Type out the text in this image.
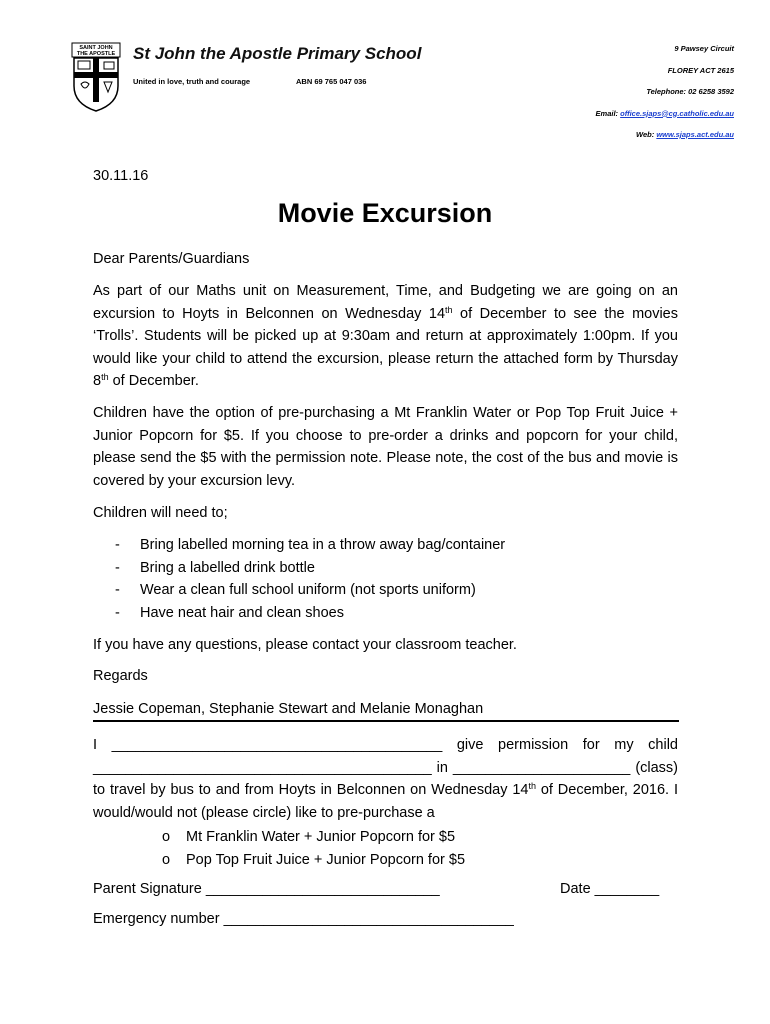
SAINT JOHN
THE APOSTLE St John the Apostle Primary School
United in love, truth and courage	ABN 69 765 047 036
9 Pawsey Circuit
FLOREY ACT 2615
Telephone: 02 6258 3592
Email: office.sjaps@cg.catholic.edu.au
Web: www.sjaps.act.edu.au
30.11.16
Movie Excursion
Dear Parents/Guardians
As part of our Maths unit on Measurement, Time, and Budgeting we are going on an excursion to Hoyts in Belconnen on Wednesday 14th of December to see the movies ‘Trolls’. Students will be picked up at 9:30am and return at approximately 1:00pm. If you would like your child to attend the excursion, please return the attached form by Thursday 8th of December.
Children have the option of pre-purchasing a Mt Franklin Water or Pop Top Fruit Juice + Junior Popcorn for $5. If you choose to pre-order a drinks and popcorn for your child, please send the $5 with the permission note. Please note, the cost of the bus and movie is covered by your excursion levy.
Children will need to;
- Bring labelled morning tea in a throw away bag/container
- Bring a labelled drink bottle
- Wear a clean full school uniform (not sports uniform)
- Have neat hair and clean shoes
If you have any questions, please contact your classroom teacher.
Regards
Jessie Copeman, Stephanie Stewart and Melanie Monaghan
I _________________________________________ give permission for my child __________________________________________ in ______________________ (class) to travel by bus to and from Hoyts in Belconnen on Wednesday 14th of December, 2016. I would/would not (please circle) like to pre-purchase a
o Mt Franklin Water + Junior Popcorn for $5
o Pop Top Fruit Juice + Junior Popcorn for $5
Parent Signature _____________________________	Date ________
Emergency number ____________________________________
